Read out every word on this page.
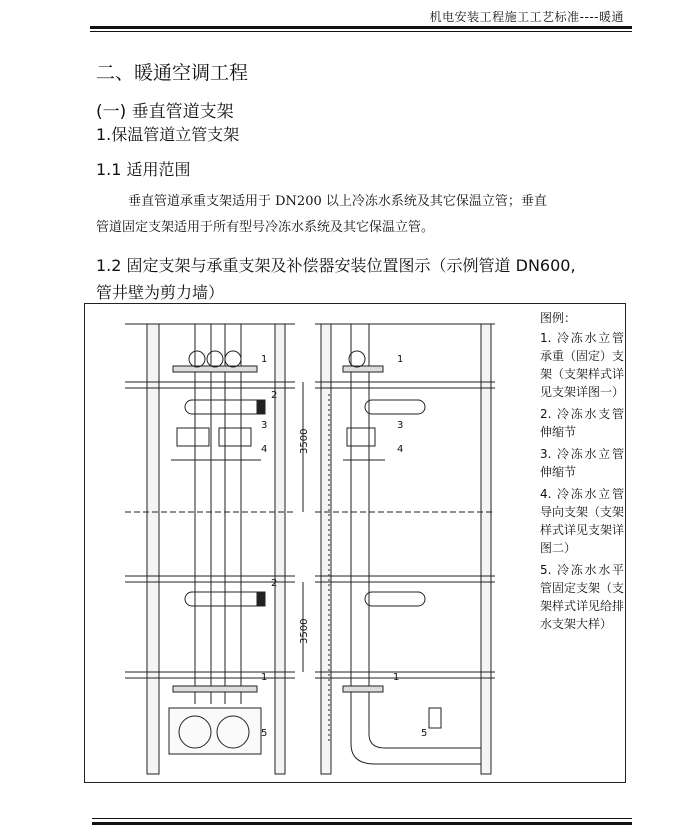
机电安装工程施工工艺标准----暖通
二、暖通空调工程
(一) 垂直管道支架
1.保温管道立管支架
1.1 适用范围
垂直管道承重支架适用于 DN200 以上冷冻水系统及其它保温立管；垂直
管道固定支架适用于所有型号冷冻水系统及其它保温立管。
1.2 固定支架与承重支架及补偿器安装位置图示（示例管道 DN600,
管井壁为剪力墙）
1
2
3
4
1
3
4
2
1	1
5	5
3500
3500
图例：
1. 冷冻水立管承重（固定）支架（支架样式详见支架详图一）
2. 冷冻水支管伸缩节
3. 冷冻水立管伸缩节
4. 冷冻水立管导向支架（支架样式详见支架详图二）
5. 冷冻水水平管固定支架（支架样式详见给排水支架大样）
